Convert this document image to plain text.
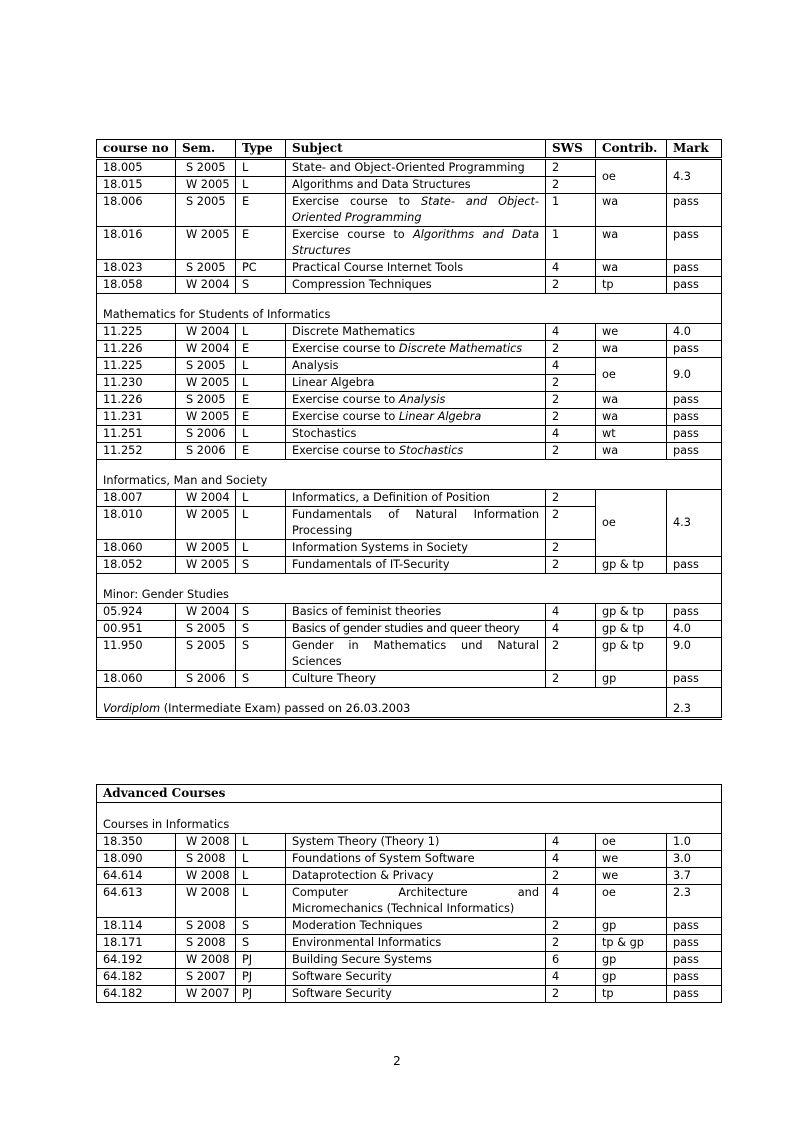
course no	Sem.	Type	Subject	SWS	Contrib.	Mark
18.005	S 2005	L	State- and Object-Oriented Programming	2	oe	4.3
18.015	W 2005	L	Algorithms and Data Structures	2		
18.006	S 2005	E	Exercise course to State- and Object-Oriented Programming	1	wa	pass
18.016	W 2005	E	Exercise course to Algorithms and Data Structures	1	wa	pass
18.023	S 2005	PC	Practical Course Internet Tools	4	wa	pass
18.058	W 2004	S	Compression Techniques	2	tp	pass

Mathematics for Students of Informatics						
11.225	W 2004	L	Discrete Mathematics	4	we	4.0
11.226	W 2004	E	Exercise course to Discrete Mathematics	2	wa	pass
11.225	S 2005	L	Analysis	4	oe	9.0
11.230	W 2005	L	Linear Algebra	2		
11.226	S 2005	E	Exercise course to Analysis	2	wa	pass
11.231	W 2005	E	Exercise course to Linear Algebra	2	wa	pass
11.251	S 2006	L	Stochastics	4	wt	pass
11.252	S 2006	E	Exercise course to Stochastics	2	wa	pass

Informatics, Man and Society						
18.007	W 2004	L	Informatics, a Definition of Position	2	oe	4.3
18.010	W 2005	L	Fundamentals of Natural Information Processing	2		
18.060	W 2005	L	Information Systems in Society	2		
18.052	W 2005	S	Fundamentals of IT-Security	2	gp & tp	pass

Minor: Gender Studies						
05.924	W 2004	S	Basics of feminist theories	4	gp & tp	pass
00.951	S 2005	S	Basics of gender studies and queer theory	4	gp & tp	4.0
11.950	S 2005	S	Gender in Mathematics und Natural Sciences	2	gp & tp	9.0
18.060	S 2006	S	Culture Theory	2	gp	pass
Vordiplom (Intermediate Exam) passed on 26.03.2003						2.3
Advanced Courses						

Courses in Informatics						
18.350	W 2008	L	System Theory (Theory 1)	4	oe	1.0
18.090	S 2008	L	Foundations of System Software	4	we	3.0
64.614	W 2008	L	Dataprotection & Privacy	2	we	3.7
64.613	W 2008	L	Computer Architecture and Micromechanics (Technical Informatics)	4	oe	2.3
18.114	S 2008	S	Moderation Techniques	2	gp	pass
18.171	S 2008	S	Environmental Informatics	2	tp & gp	pass
64.192	W 2008	PJ	Building Secure Systems	6	gp	pass
64.182	S 2007	PJ	Software Security	4	gp	pass
64.182	W 2007	PJ	Software Security	2	tp	pass
2
